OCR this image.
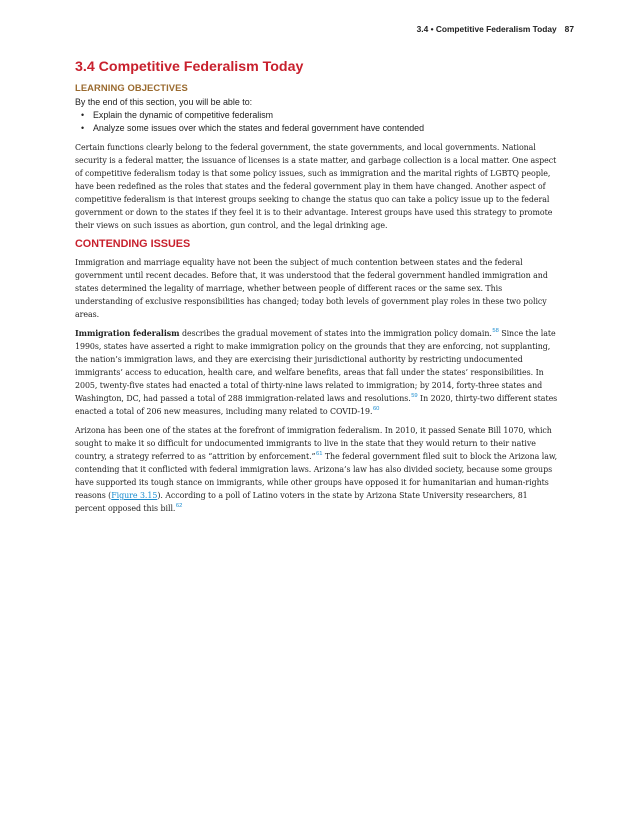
3.4 • Competitive Federalism Today 87
3.4 Competitive Federalism Today
LEARNING OBJECTIVES

By the end of this section, you will be able to:

• Explain the dynamic of competitive federalism
• Analyze some issues over which the states and federal government have contended

Certain functions clearly belong to the federal government, the state governments, and local governments. National security is a federal matter, the issuance of licenses is a state matter, and garbage collection is a local matter. One aspect of competitive federalism today is that some policy issues, such as immigration and the marital rights of LGBTQ people, have been redefined as the roles that states and the federal government play in them have changed. Another aspect of competitive federalism is that interest groups seeking to change the status quo can take a policy issue up to the federal government or down to the states if they feel it is to their advantage. Interest groups have used this strategy to promote their views on such issues as abortion, gun control, and the legal drinking age.

CONTENDING ISSUES

Immigration and marriage equality have not been the subject of much contention between states and the federal government until recent decades. Before that, it was understood that the federal government handled immigration and states determined the legality of marriage, whether between people of different races or the same sex. This understanding of exclusive responsibilities has changed; today both levels of government play roles in these two policy areas.

Immigration federalism describes the gradual movement of states into the immigration policy domain.$^{58}$ Since the late 1990s, states have asserted a right to make immigration policy on the grounds that they are enforcing, not supplanting, the nation’s immigration laws, and they are exercising their jurisdictional authority by restricting undocumented immigrants’ access to education, health care, and welfare benefits, areas that fall under the states’ responsibilities. In 2005, twenty-five states had enacted a total of thirty-nine laws related to immigration; by 2014, forty-three states and Washington, DC, had passed a total of 288 immigration-related laws and resolutions.$^{59}$ In 2020, thirty-two different states enacted a total of 206 new measures, including many related to COVID-19.60

Arizona has been one of the states at the forefront of immigration federalism. In 2010, it passed Senate Bill 1070, which sought to make it so difficult for undocumented immigrants to live in the state that they would return to their native country, a strategy referred to as “attrition by enforcement.”$^{61}$ The federal government filed suit to block the Arizona law, contending that it conflicted with federal immigration laws. Arizona’s law has also divided society, because some groups have supported its tough stance on immigrants, while other groups have opposed it for humanitarian and human-rights reasons (Figure 3.15). According to a poll of Latino voters in the state by Arizona State University researchers, 81 percent opposed this bill.$^{62}$
